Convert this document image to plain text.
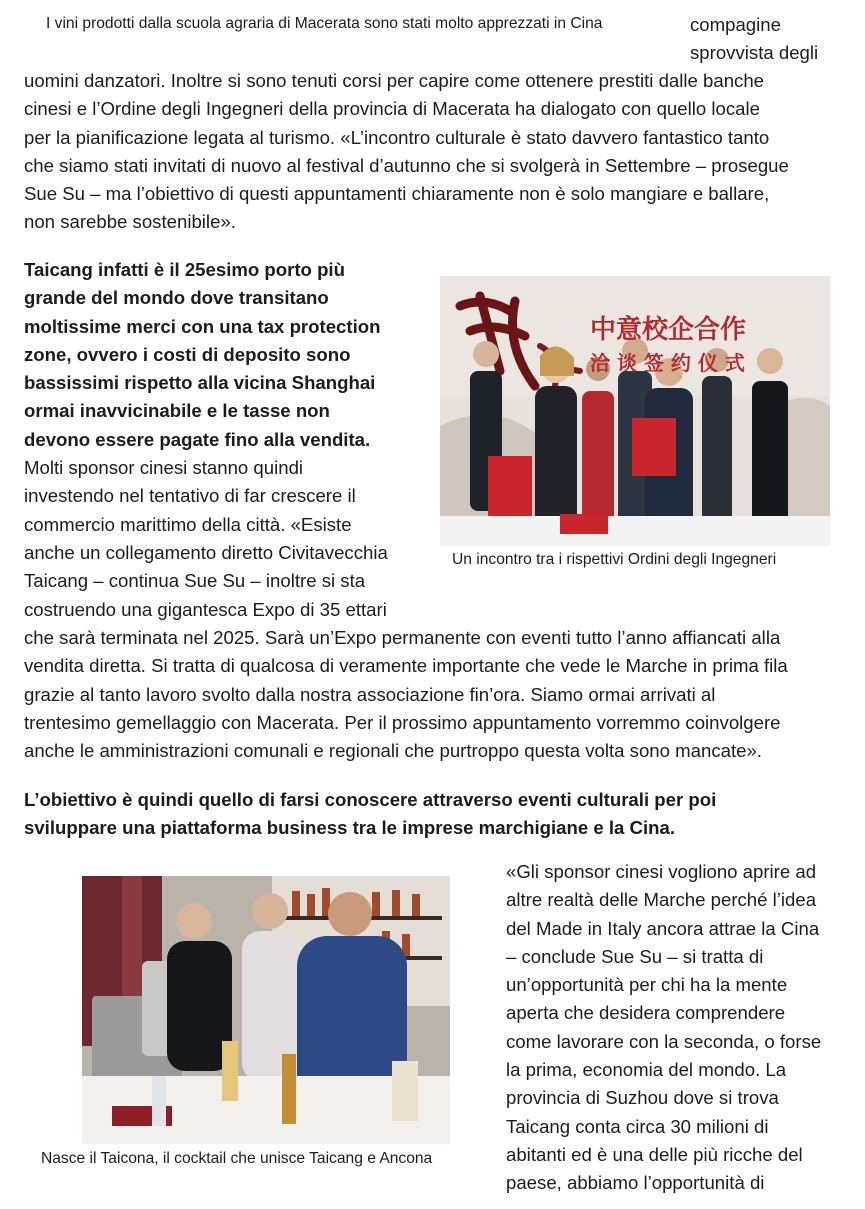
I vini prodotti dalla scuola agraria di Macerata sono stati molto apprezzati in Cina	compagine
sprovvista degli

uomini danzatori. Inoltre si sono tenuti corsi per capire come ottenere prestiti dalle banche

cinesi e l’Ordine degli Ingegneri della provincia di Macerata ha dialogato con quello locale

per la pianificazione legata al turismo. «L’incontro culturale è stato davvero fantastico tanto

che siamo stati invitati di nuovo al festival d’autunno che si svolgerà in Settembre – prosegue

Sue Su – ma l’obiettivo di questi appuntamenti chiaramente non è solo mangiare e ballare,

non sarebbe sostenibile».

Taicang infatti è il 25esimo porto più

grande del mondo dove transitano

moltissime merci con una tax protection

zone, ovvero i costi di deposito sono

bassissimi rispetto alla vicina Shanghai

ormai inavvicinabile e le tasse non

devono essere pagate fino alla vendita.

Molti sponsor cinesi stanno quindi

investendo nel tentativo di far crescere il

commercio marittimo della città. «Esiste

anche un collegamento diretto Civitavecchia

Taicang – continua Sue Su – inoltre si sta

costruendo una gigantesca Expo di 35 ettari

che sarà terminata nel 2025. Sarà un’Expo permanente con eventi tutto l’anno affiancati alla

vendita diretta. Si tratta di qualcosa di veramente importante che vede le Marche in prima fila

grazie al tanto lavoro svolto dalla nostra associazione fin’ora. Siamo ormai arrivati al

trentesimo gemellaggio con Macerata. Per il prossimo appuntamento vorremmo coinvolgere

anche le amministrazioni comunali e regionali che purtroppo questa volta sono mancate».

L’obiettivo è quindi quello di farsi conoscere attraverso eventi culturali per poi

sviluppare una piattaforma business tra le imprese marchigiane e la Cina.

«Gli sponsor cinesi vogliono aprire ad

altre realtà delle Marche perché l’idea

del Made in Italy ancora attrae la Cina

– conclude Sue Su – si tratta di

un’opportunità per chi ha la mente

aperta che desidera comprendere

come lavorare con la seconda, o forse

la prima, economia del mondo. La

provincia di Suzhou dove si trova

Taicang conta circa 30 milioni di

abitanti ed è una delle più ricche del

paese, abbiamo l’opportunità di

中意校企合作
洽 谈 签 约 仪 式
Un incontro tra i rispettivi Ordini degli Ingegneri
Nasce il Taicona, il cocktail che unisce Taicang e Ancona
